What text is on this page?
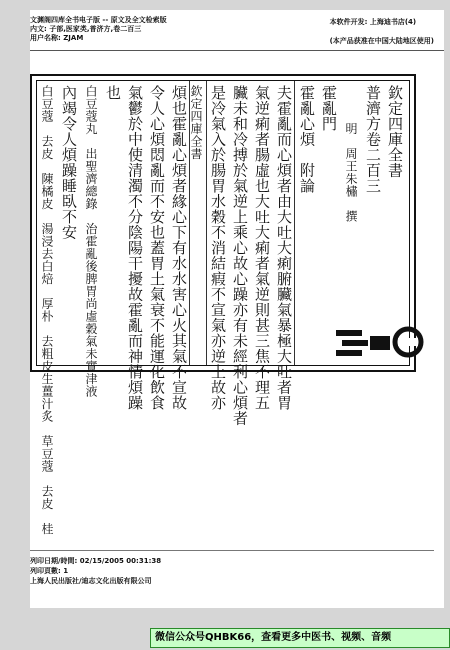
文渊阁四库全书电子版 -- 原文及全文检索版
内文: 子部,医家类,普济方,卷二百三
用户名称: ZJAM
本软件开发: 上海迪书店(4)
(本产品获准在中国大陆地区使用)
欽定四庫全書
普濟方卷二百三
　　　明　周王朱橚　撰
霍亂門
霍亂心煩　附論
夫霍亂而心煩者由大吐大痢腑臟氣暴極大吐者胃
氣逆痢者腸虛也大吐大痢者氣逆則甚三焦不理五
臟未和冷搏於氣逆上乘心故心躁亦有未經利心煩者
是冷氣入於腸胃水穀不消結瘕不宣氣亦逆上故亦
欽定四庫全書
煩也霍亂心煩者緣心下有水水害心火其氣不宣故
令人心煩悶亂而不安也蓋胃土氣衰不能運化飲食
氣鬱於中使清濁不分陰陽干擾故霍亂而神情煩躁
也
白豆蔻丸　出聖濟總錄　治霍亂後脾胃尚虛穀氣未實津液
內竭令人煩躁睡臥不安
白豆蔻　去皮　陳橘皮　湯浸去白焙　厚朴　去粗皮生薑汁炙　草豆蔻　去皮　桂
列印日期/時間: 02/15/2005 00:31:38
列印頁數: 1
上海人民出版社/迪志文化出版有限公司
微信公众号QHBK66，查看更多中医书、视频、音频
